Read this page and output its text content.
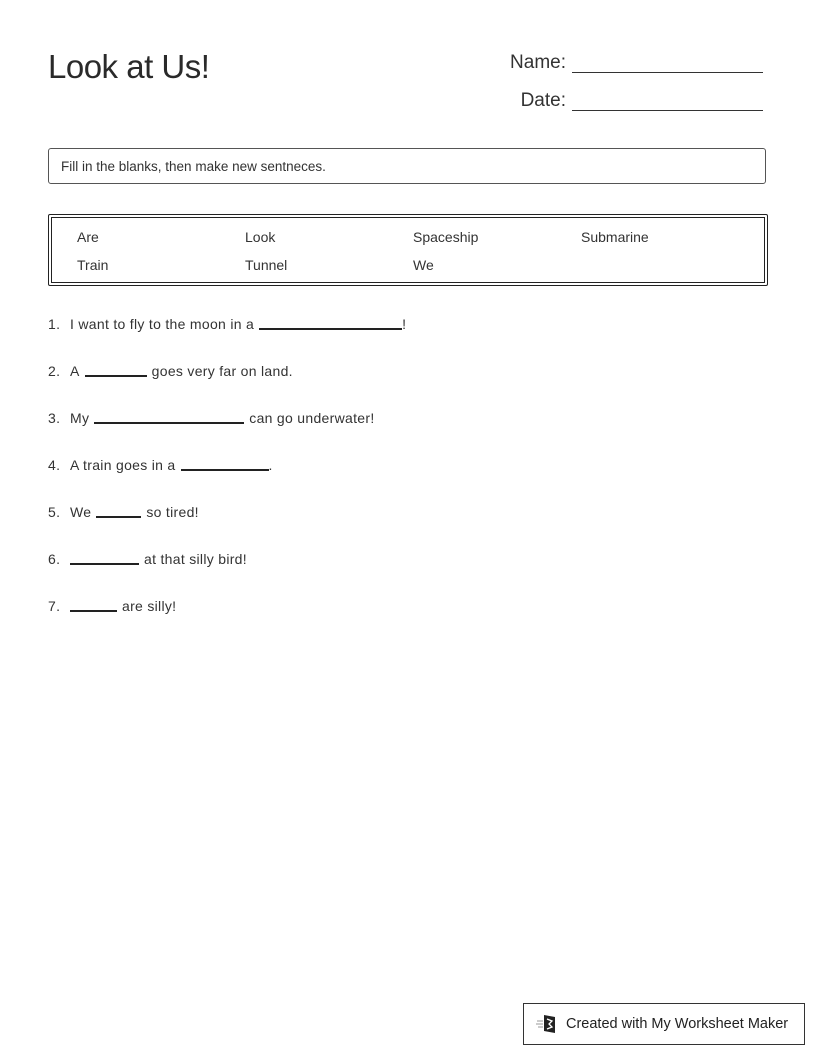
Look at Us!	Name:
Date:
Fill in the blanks, then make new sentneces.
Are	Look	Spaceship	Submarine
Train	Tunnel	We
1. I want to fly to the moon in a	!
2. A	goes very far on land.
3. My	can go underwater!
4. A train goes in a	.
5. We	so tired!
6.	at that silly bird!
7.	are silly!
Created with My Worksheet Maker
